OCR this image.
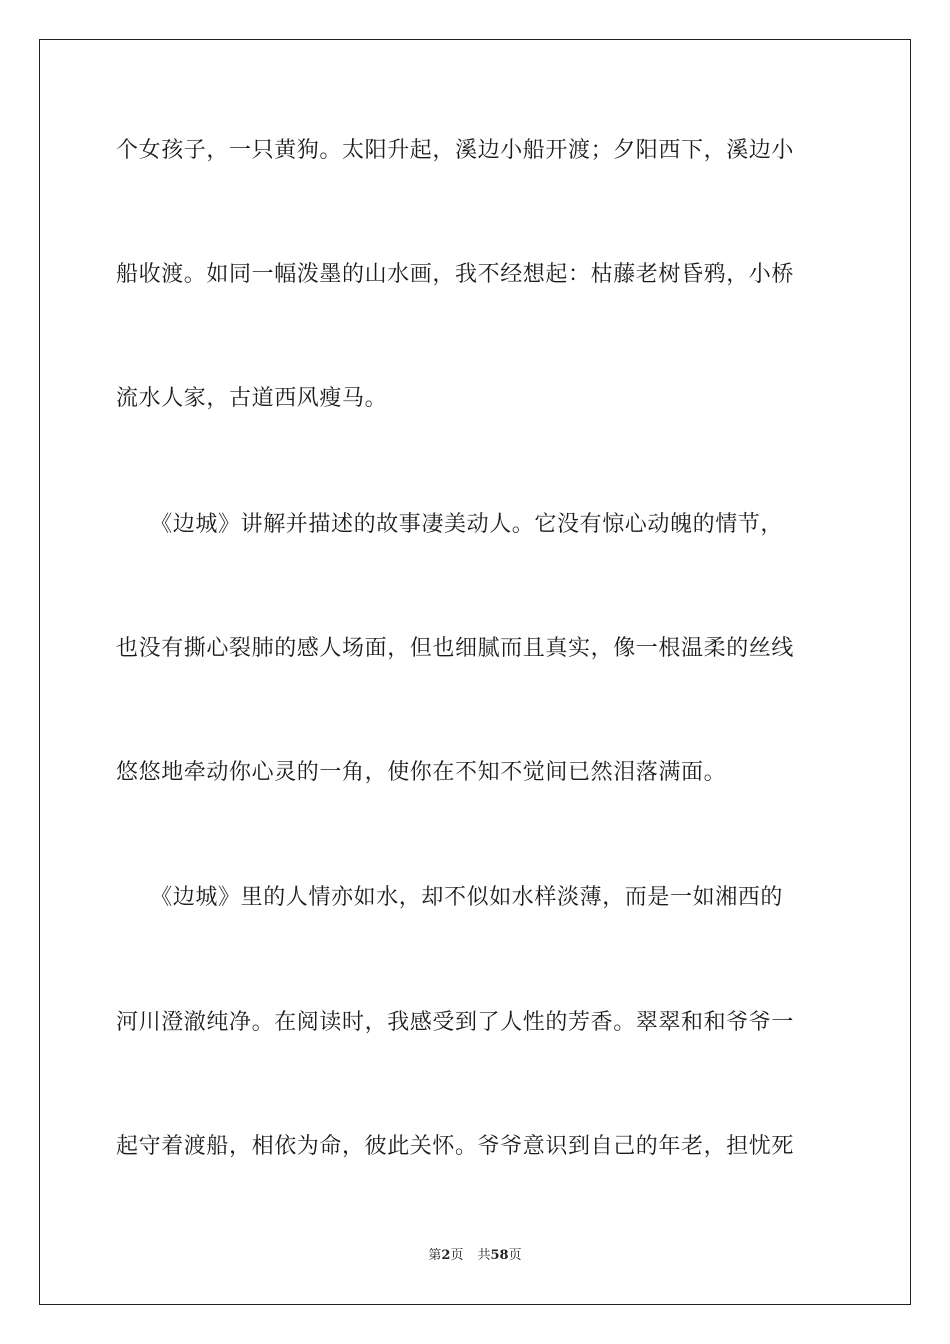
个女孩子，一只黄狗。太阳升起，溪边小船开渡；夕阳西下，溪边小
船收渡。如同一幅泼墨的山水画，我不经想起：枯藤老树昏鸦，小桥
流水人家，古道西风瘦马。
　　《边城》讲解并描述的故事凄美动人。它没有惊心动魄的情节，
也没有撕心裂肺的感人场面，但也细腻而且真实，像一根温柔的丝线
悠悠地牵动你心灵的一角，使你在不知不觉间已然泪落满面。
　　《边城》里的人情亦如水，却不似如水样淡薄，而是一如湘西的
河川澄澈纯净。在阅读时，我感受到了人性的芳香。翠翠和和爷爷一
起守着渡船，相依为命，彼此关怀。爷爷意识到自己的年老，担忧死
第2页 共58页
